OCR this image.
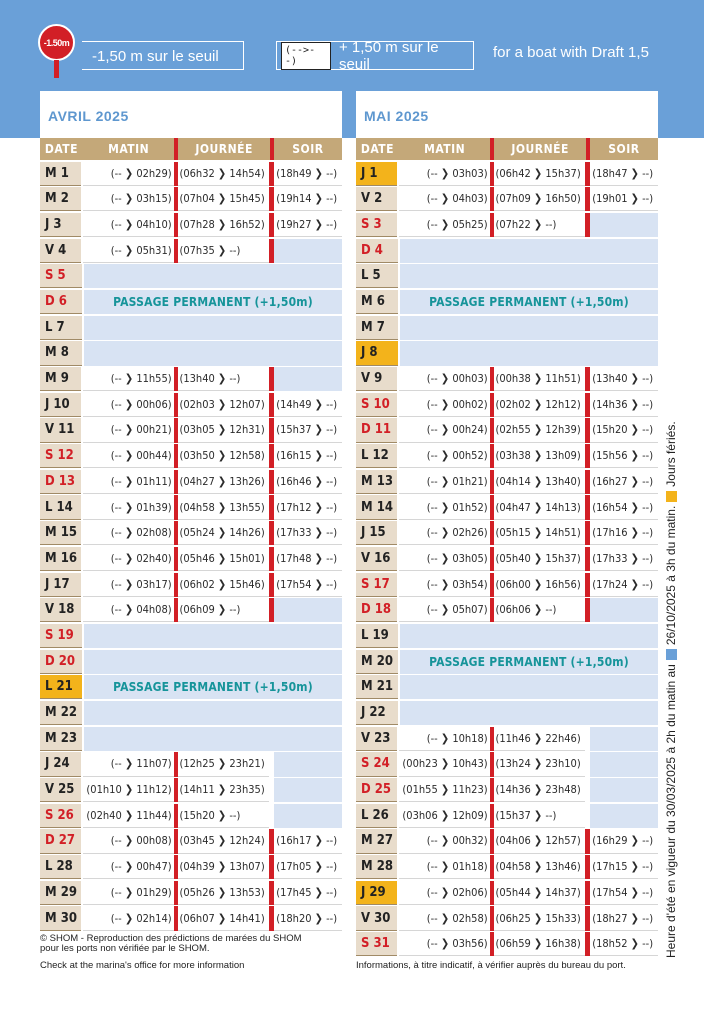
-1.50m
-1,50 m sur le seuil	(-->--)
+ 1,50 m sur le seuil
for a boat with Draft 1,5
AVRIL 2025
DATE	MATIN	JOURNÉE	SOIR
M 1	(-- ❯ 02h29) (06h32 ❯ 14h54)	(18h49 ❯ --)
M 2	(-- ❯ 03h15) (07h04 ❯ 15h45)	(19h14 ❯ --)
J 3	(-- ❯ 04h10) (07h28 ❯ 16h52)	(19h27 ❯ --)
V 4	(-- ❯ 05h31) (07h35 ❯ --)
S 5
D 6	PASSAGE PERMANENT (+1,50m)
L 7
M 8
M 9	(-- ❯ 11h55) (13h40 ❯ --)
J 10	(-- ❯ 00h06) (02h03 ❯ 12h07)	(14h49 ❯ --)
V 11	(-- ❯ 00h21) (03h05 ❯ 12h31)	(15h37 ❯ --)
S 12	(-- ❯ 00h44) (03h50 ❯ 12h58)	(16h15 ❯ --)
D 13	(-- ❯ 01h11) (04h27 ❯ 13h26)	(16h46 ❯ --)
L 14	(-- ❯ 01h39) (04h58 ❯ 13h55)	(17h12 ❯ --)
M 15	(-- ❯ 02h08) (05h24 ❯ 14h26)	(17h33 ❯ --)
M 16	(-- ❯ 02h40) (05h46 ❯ 15h01)	(17h48 ❯ --)
J 17	(-- ❯ 03h17) (06h02 ❯ 15h46)	(17h54 ❯ --)
V 18	(-- ❯ 04h08) (06h09 ❯ --)
S 19
D 20
L 21	PASSAGE PERMANENT (+1,50m)
M 22
M 23
J 24	(-- ❯ 11h07) (12h25 ❯ 23h21)
V 25	(01h10 ❯ 11h12) (14h11 ❯ 23h35)
S 26	(02h40 ❯ 11h44) (15h20 ❯ --)
D 27	(-- ❯ 00h08) (03h45 ❯ 12h24)	(16h17 ❯ --)
L 28	(-- ❯ 00h47) (04h39 ❯ 13h07)	(17h05 ❯ --)
M 29	(-- ❯ 01h29) (05h26 ❯ 13h53)	(17h45 ❯ --)
M 30	(-- ❯ 02h14) (06h07 ❯ 14h41)	(18h20 ❯ --)
MAI 2025
DATE	MATIN	JOURNÉE	SOIR
J 1	(-- ❯ 03h03) (06h42 ❯ 15h37)	(18h47 ❯ --)
V 2	(-- ❯ 04h03) (07h09 ❯ 16h50)	(19h01 ❯ --)
S 3	(-- ❯ 05h25) (07h22 ❯ --)
D 4
L 5
M 6	PASSAGE PERMANENT (+1,50m)
M 7
J 8
V 9	(-- ❯ 00h03) (00h38 ❯ 11h51)	(13h40 ❯ --)
S 10	(-- ❯ 00h02) (02h02 ❯ 12h12)	(14h36 ❯ --)
D 11	(-- ❯ 00h24) (02h55 ❯ 12h39)	(15h20 ❯ --)
L 12	(-- ❯ 00h52) (03h38 ❯ 13h09)	(15h56 ❯ --)
M 13	(-- ❯ 01h21) (04h14 ❯ 13h40)	(16h27 ❯ --)
M 14	(-- ❯ 01h52) (04h47 ❯ 14h13)	(16h54 ❯ --)
J 15	(-- ❯ 02h26) (05h15 ❯ 14h51)	(17h16 ❯ --)
V 16	(-- ❯ 03h05) (05h40 ❯ 15h37)	(17h33 ❯ --)
S 17	(-- ❯ 03h54) (06h00 ❯ 16h56)	(17h24 ❯ --)
D 18	(-- ❯ 05h07) (06h06 ❯ --)
L 19
M 20	PASSAGE PERMANENT (+1,50m)
M 21
J 22
V 23	(-- ❯ 10h18) (11h46 ❯ 22h46)
S 24	(00h23 ❯ 10h43) (13h24 ❯ 23h10)
D 25	(01h55 ❯ 11h23) (14h36 ❯ 23h48)
L 26	(03h06 ❯ 12h09) (15h37 ❯ --)
M 27	(-- ❯ 00h32) (04h06 ❯ 12h57)	(16h29 ❯ --)
M 28	(-- ❯ 01h18) (04h58 ❯ 13h46)	(17h15 ❯ --)
J 29	(-- ❯ 02h06) (05h44 ❯ 14h37)	(17h54 ❯ --)
V 30	(-- ❯ 02h58) (06h25 ❯ 15h33)	(18h27 ❯ --)
S 31	(-- ❯ 03h56) (06h59 ❯ 16h38)	(18h52 ❯ --)
© SHOM - Reproduction des prédictions de marées du SHOM
pour les ports non vérifiée par le SHOM.
Check at the marina's office for more information	Informations, à titre indicatif, à vérifier auprès du bureau du port.
Heure d'été en vigueur du 30/03/2025 à 2h du matin au
26/10/2025 à 3h du matin.
Jours fériés.
